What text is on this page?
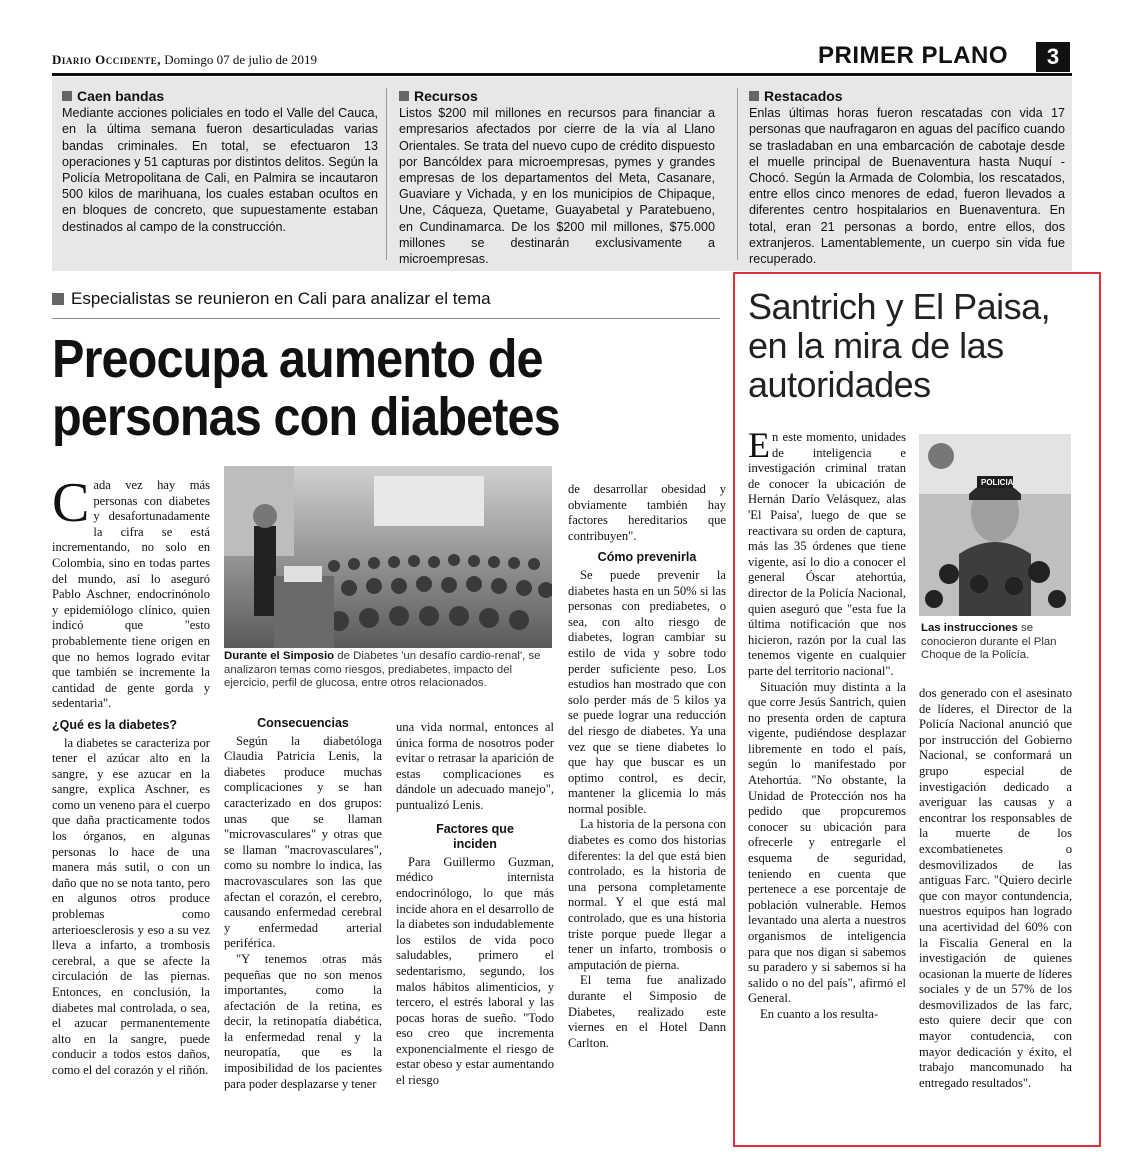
Diario Occidente, Domingo 07 de julio de 2019	PRIMER PLANO	3
Caen bandas
Mediante acciones policiales en todo el Valle del Cauca, en la última semana fueron desarticuladas varias bandas criminales. En total, se efectuaron 13 operaciones y 51 capturas por distintos delitos. Según la Policía Metropolitana de Cali, en Palmira se incautaron 500 kilos de marihuana, los cuales estaban ocultos en en bloques de concreto, que supuestamente estaban destinados al campo de la construcción.
Recursos
Listos $200 mil millones en recursos para financiar a empresarios afectados por cierre de la vía al Llano Orientales. Se trata del nuevo cupo de crédito dispuesto por Bancóldex para microempresas, pymes y grandes empresas de los departamentos del Meta, Casanare, Guaviare y Vichada, y en los municipios de Chipaque, Une, Cáqueza, Quetame, Guayabetal y Paratebueno, en Cundinamarca. De los $200 mil millones, $75.000 millones se destinarán exclusivamente a microempresas.
Restacados
Enlas últimas horas fueron rescatadas con vida 17 personas que naufragaron en aguas del pacífico cuando se trasladaban en una embarcación de cabotaje desde el muelle principal de Buenaventura hasta Nuquí - Chocó. Según la Armada de Colombia, los rescatados, entre ellos cinco menores de edad, fueron llevados a diferentes centro hospitalarios en Buenaventura. En total, eran 21 personas a bordo, entre ellos, dos extranjeros. Lamentablemente, un cuerpo sin vida fue recuperado.
Especialistas se reunieron en Cali para analizar el tema
Preocupa aumento de personas con diabetes

Cada vez hay más personas con diabetes y desafortunadamente la cifra se está incrementando, no solo en Colombia, sino en todas partes del mundo, así lo aseguró Pablo Aschner, endocrinónolo y epidemiólogo clínico, quien indicó que "esto probablemente tiene origen en que no hemos logrado evitar que también se incremente la cantidad de gente gorda y sedentaria".

¿Qué es la diabetes?

la diabetes se caracteriza por tener el azúcar alto en la sangre, y ese azucar en la sangre, explica Aschner, es como un veneno para el cuerpo que daña practicamente todos los órganos, en algunas personas lo hace de una manera más sutil, o con un daño que no se nota tanto, pero en algunos otros produce problemas como arterioesclerosis y eso a su vez lleva a infarto, a trombosis cerebral, a que se afecte la circulación de las piernas. Entonces, en conclusión, la diabetes mal controlada, o sea, el azucar permanentemente alto en la sangre, puede conducir a todos estos daños, como el del corazón y el riñón.

Durante el Simposio de Diabetes 'un desafío cardio-renal', se analizaron temas como riesgos, prediabetes, impacto del ejercicio, perfil de glucosa, entre otros relacionados.
Consecuencias

Según la diabetóloga Claudia Patricia Lenis, la diabetes produce muchas complicaciones y se han caracterizado en dos grupos: unas que se llaman "microvasculares" y otras que se llaman "macrovasculares", como su nombre lo indica, las macrovasculares son las que afectan el corazón, el cerebro, causando enfermedad cerebral y enfermedad arterial periférica.

"Y tenemos otras más pequeñas que no son menos importantes, como la afectación de la retina, es decir, la retinopatía diabética, la enfermedad renal y la neuropatía, que es la imposibilidad de los pacientes para poder desplazarse y tener

una vida normal, entonces al única forma de nosotros poder evitar o retrasar la aparición de estas complicaciones es dándole un adecuado manejo", puntualizó Lenis.

Factores que inciden

Para Guillermo Guzman, médico internista endocrinólogo, lo que más incide ahora en el desarrollo de la diabetes son indudablemente los estilos de vida poco saludables, primero el sedentarismo, segundo, los malos hábitos alimenticios, y tercero, el estrés laboral y las pocas horas de sueño. "Todo eso creo que incrementa exponencialmente el riesgo de estar obeso y estar aumentando el riesgo

de desarrollar obesidad y obviamente también hay factores hereditarios que contribuyen".

Cómo prevenirla

Se puede prevenir la diabetes hasta en un 50% si las personas con prediabetes, o sea, con alto riesgo de diabetes, logran cambiar su estilo de vida y sobre todo perder suficiente peso. Los estudios han mostrado que con solo perder más de 5 kilos ya se puede lograr una reducción del riesgo de diabetes. Ya una vez que se tiene diabetes lo que hay que buscar es un optimo control, es decir, mantener la glicemia lo más normal posible.

La historia de la persona con diabetes es como dos historias diferentes: la del que está bien controlado, es la historia de una persona completamente normal. Y el que está mal controlado, que es una historia triste porque puede llegar a tener un infarto, trombosis o amputación de pierna.

El tema fue analizado durante el Simposio de Diabetes, realizado este viernes en el Hotel Dann Carlton.

Santrich y El Paisa, en la mira de las autoridades

En este momento, unidades de inteligencia e investigación criminal tratan de conocer la ubicación de Hernán Darío Velásquez, alas 'El Paisa', luego de que se reactivara su orden de captura, más las 35 órdenes que tiene vigente, así lo dio a conocer el general Óscar atehortúa, director de la Policía Nacional, quien aseguró que "esta fue la última notificación que nos hicieron, razón por la cual las tenemos vigente en cualquier parte del territorio nacional".

Situación muy distinta a la que corre Jesús Santrich, quien no presenta orden de captura vigente, pudiéndose desplazar libremente en todo el país, según lo manifestado por Atehortúa. "No obstante, la Unidad de Protección nos ha pedido que propcuremos conocer su ubicación para ofrecerle y entregarle el esquema de seguridad, teniendo en cuenta que pertenece a ese porcentaje de población vulnerable. Hemos levantado una alerta a nuestros organismos de inteligencia para que nos digan si sabemos su paradero y si sabemos si ha salido o no del país", afirmó el General.

En cuanto a los resulta-

POLICIA
Las instrucciones se conocieron durante el Plan Choque de la Policía.

dos generado con el asesinato de líderes, el Director de la Policía Nacional anunció que por instrucción del Gobierno Nacional, se conformará un grupo especial de investigación dedicado a averiguar las causas y a encontrar los responsables de la muerte de los excombatienetes o desmovilizados de las antiguas Farc. "Quiero decirle que con mayor contundencia, nuestros equipos han logrado una acertividad del 60% con la Fiscalia General en la investigación de quienes ocasionan la muerte de líderes sociales y de un 57% de los desmovilizados de las farc, esto quiere decir que con mayor contudencia, con mayor dedicación y éxito, el trabajo mancomunado ha entregado resultados".
